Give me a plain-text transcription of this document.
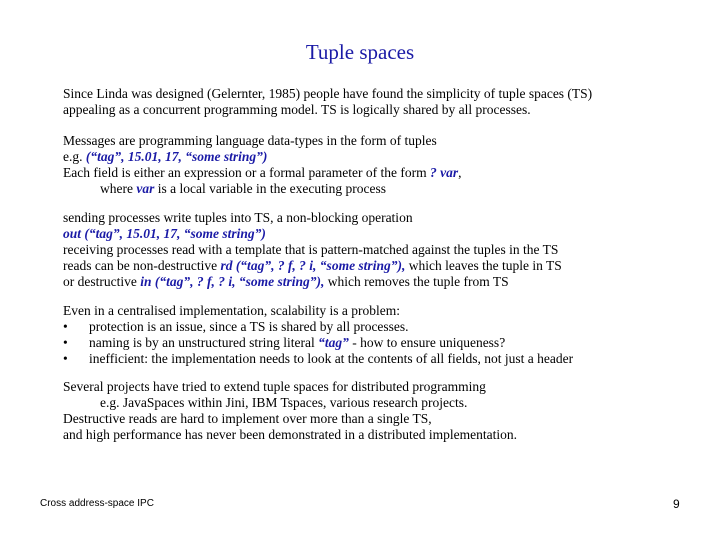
Tuple spaces
Since Linda was designed (Gelernter, 1985) people have found the simplicity of tuple spaces (TS)
appealing as a concurrent programming model. TS is logically shared by all processes.
Messages are programming language data-types in the form of tuples
e.g. (“tag”, 15.01, 17, “some string”)
Each field is either an expression or a formal parameter of the form ? var,
where var is a local variable in the executing process
sending processes write tuples into TS, a non-blocking operation
out (“tag”, 15.01, 17, “some string”)
receiving processes read with a template that is pattern-matched against the tuples in the TS
reads can be non-destructive rd (“tag”, ? f, ? i, “some string”), which leaves the tuple in TS
or destructive in (“tag”, ? f, ? i, “some string”), which removes the tuple from TS
Even in a centralised implementation, scalability is a problem:
•	protection is an issue, since a TS is shared by all processes.
•	naming is by an unstructured string literal “tag” - how to ensure uniqueness?
•	inefficient: the implementation needs to look at the contents of all fields, not just a header
Several projects have tried to extend tuple spaces for distributed programming
e.g. JavaSpaces within Jini, IBM Tspaces, various research projects.
Destructive reads are hard to implement over more than a single TS,
and high performance has never been demonstrated in a distributed implementation.
Cross address-space IPC	9
